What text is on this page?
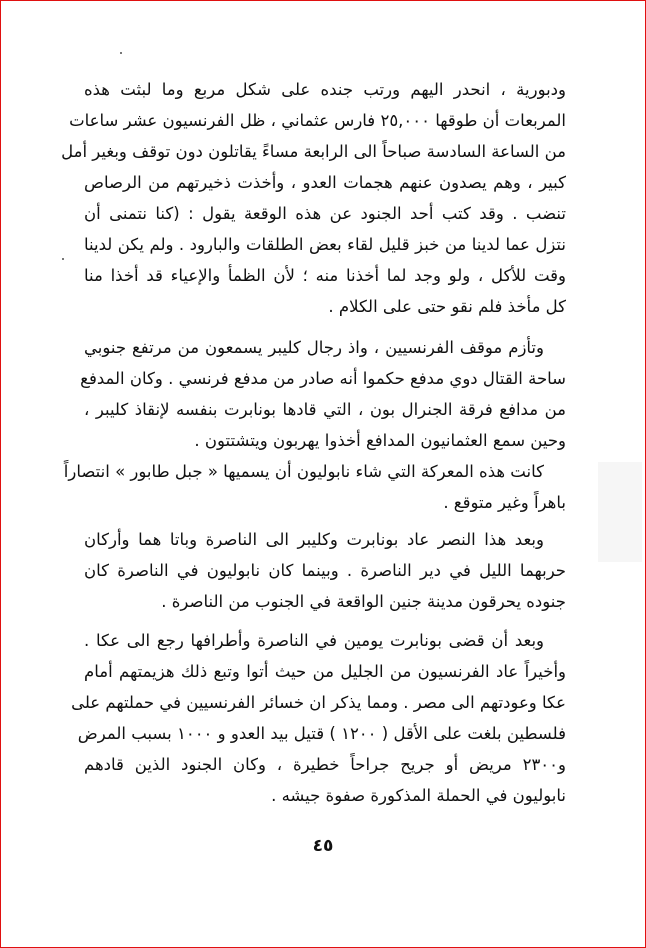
ودبورية ، انحدر اليهم ورتب جنده على شكل مربع وما لبثت هذه
المربعات أن طوقها ٢٥,٠٠٠ فارس عثماني ، ظل الفرنسيون عشر ساعات
من الساعة السادسة صباحاً الى الرابعة مساءً يقاتلون دون توقف وبغير أمل
كبير ، وهم يصدون عنهم هجمات العدو ، وأخذت ذخيرتهم من الرصاص
تنضب . وقد كتب أحد الجنود عن هذه الوقعة يقول : (كنا نتمنى أن
نتزل عما لدينا من خبز قليل لقاء بعض الطلقات والبارود . ولم يكن لدينا
وقت للأكل ، ولو وجد لما أخذنا منه ؛ لأن الظمأ والإعياء قد أخذا منا
كل مأخذ فلم نقو حتى على الكلام .
وتأزم موقف الفرنسيين ، واذ رجال كليبر يسمعون من مرتفع جنوبي
ساحة القتال دوي مدفع حكموا أنه صادر من مدفع فرنسي . وكان المدفع
من مدافع فرقة الجنرال بون ، التي قادها بونابرت بنفسه لإنقاذ كليبر ،
وحين سمع العثمانيون المدافع أخذوا يهربون ويتشتتون .
كانت هذه المعركة التي شاء نابوليون أن يسميها « جبل طابور » انتصاراً
باهراً وغير متوقع .
وبعد هذا النصر عاد بونابرت وكليبر الى الناصرة وباتا هما وأركان
حربهما الليل في دير الناصرة . وبينما كان نابوليون في الناصرة كان
جنوده يحرقون مدينة جنين الواقعة في الجنوب من الناصرة .
وبعد أن قضى بونابرت يومين في الناصرة وأطرافها رجع الى عكا .
وأخيراً عاد الفرنسيون من الجليل من حيث أتوا وتبع ذلك هزيمتهم أمام
عكا وعودتهم الى مصر . ومما يذكر ان خسائر الفرنسيين في حملتهم على
فلسطين بلغت على الأقل ( ١٢٠٠ ) قتيل بيد العدو و ١٠٠٠ بسبب المرض
و٢٣٠٠ مريض أو جريح جراحاً خطيرة ، وكان الجنود الذين قادهم
نابوليون في الحملة المذكورة صفوة جيشه .
٤٥
